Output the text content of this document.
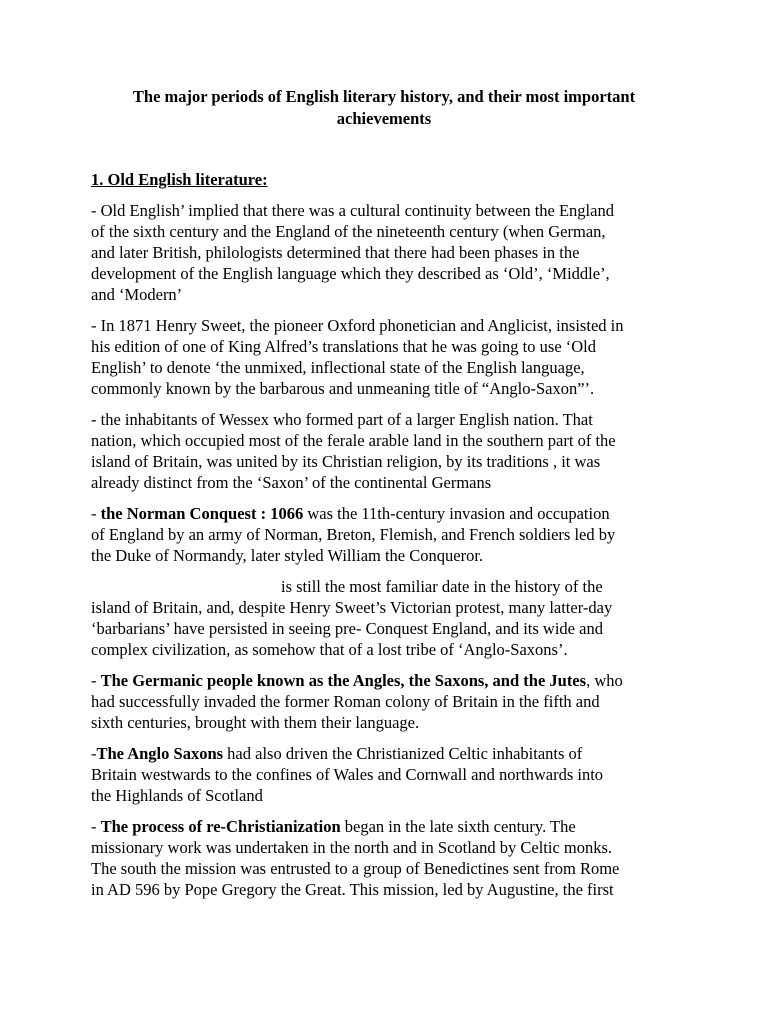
The major periods of English literary history, and their most important
achievements
1. Old English literature:

- Old English’ implied that there was a cultural continuity between the England

of the sixth century and the England of the nineteenth century (when German,

and later British, philologists determined that there had been phases in the

development of the English language which they described as ‘Old’, ‘Middle’,

and ‘Modern’

- In 1871 Henry Sweet, the pioneer Oxford phonetician and Anglicist, insisted in

his edition of one of King Alfred’s translations that he was going to use ‘Old

English’ to denote ‘the unmixed, inflectional state of the English language,

commonly known by the barbarous and unmeaning title of “Anglo-Saxon”’.

- the inhabitants of Wessex who formed part of a larger English nation. That

nation, which occupied most of the ferale arable land in the southern part of the

island of Britain, was united by its Christian religion, by its traditions , it was

already distinct from the ‘Saxon’ of the continental Germans

- the Norman Conquest : 1066 was the 11th-century invasion and occupation

of England by an army of Norman, Breton, Flemish, and French soldiers led by

the Duke of Normandy, later styled William the Conqueror.

is still the most familiar date in the history of the

island of Britain, and, despite Henry Sweet’s Victorian protest, many latter-day

‘barbarians’ have persisted in seeing pre- Conquest England, and its wide and

complex civilization, as somehow that of a lost tribe of ‘Anglo-Saxons’.

- The Germanic people known as the Angles, the Saxons, and the Jutes, who

had successfully invaded the former Roman colony of Britain in the fifth and

sixth centuries, brought with them their language.

-The Anglo Saxons had also driven the Christianized Celtic inhabitants of

Britain westwards to the confines of Wales and Cornwall and northwards into

the Highlands of Scotland

- The process of re-Christianization began in the late sixth century. The

missionary work was undertaken in the north and in Scotland by Celtic monks.

The south the mission was entrusted to a group of Benedictines sent from Rome

in AD 596 by Pope Gregory the Great. This mission, led by Augustine, the first
